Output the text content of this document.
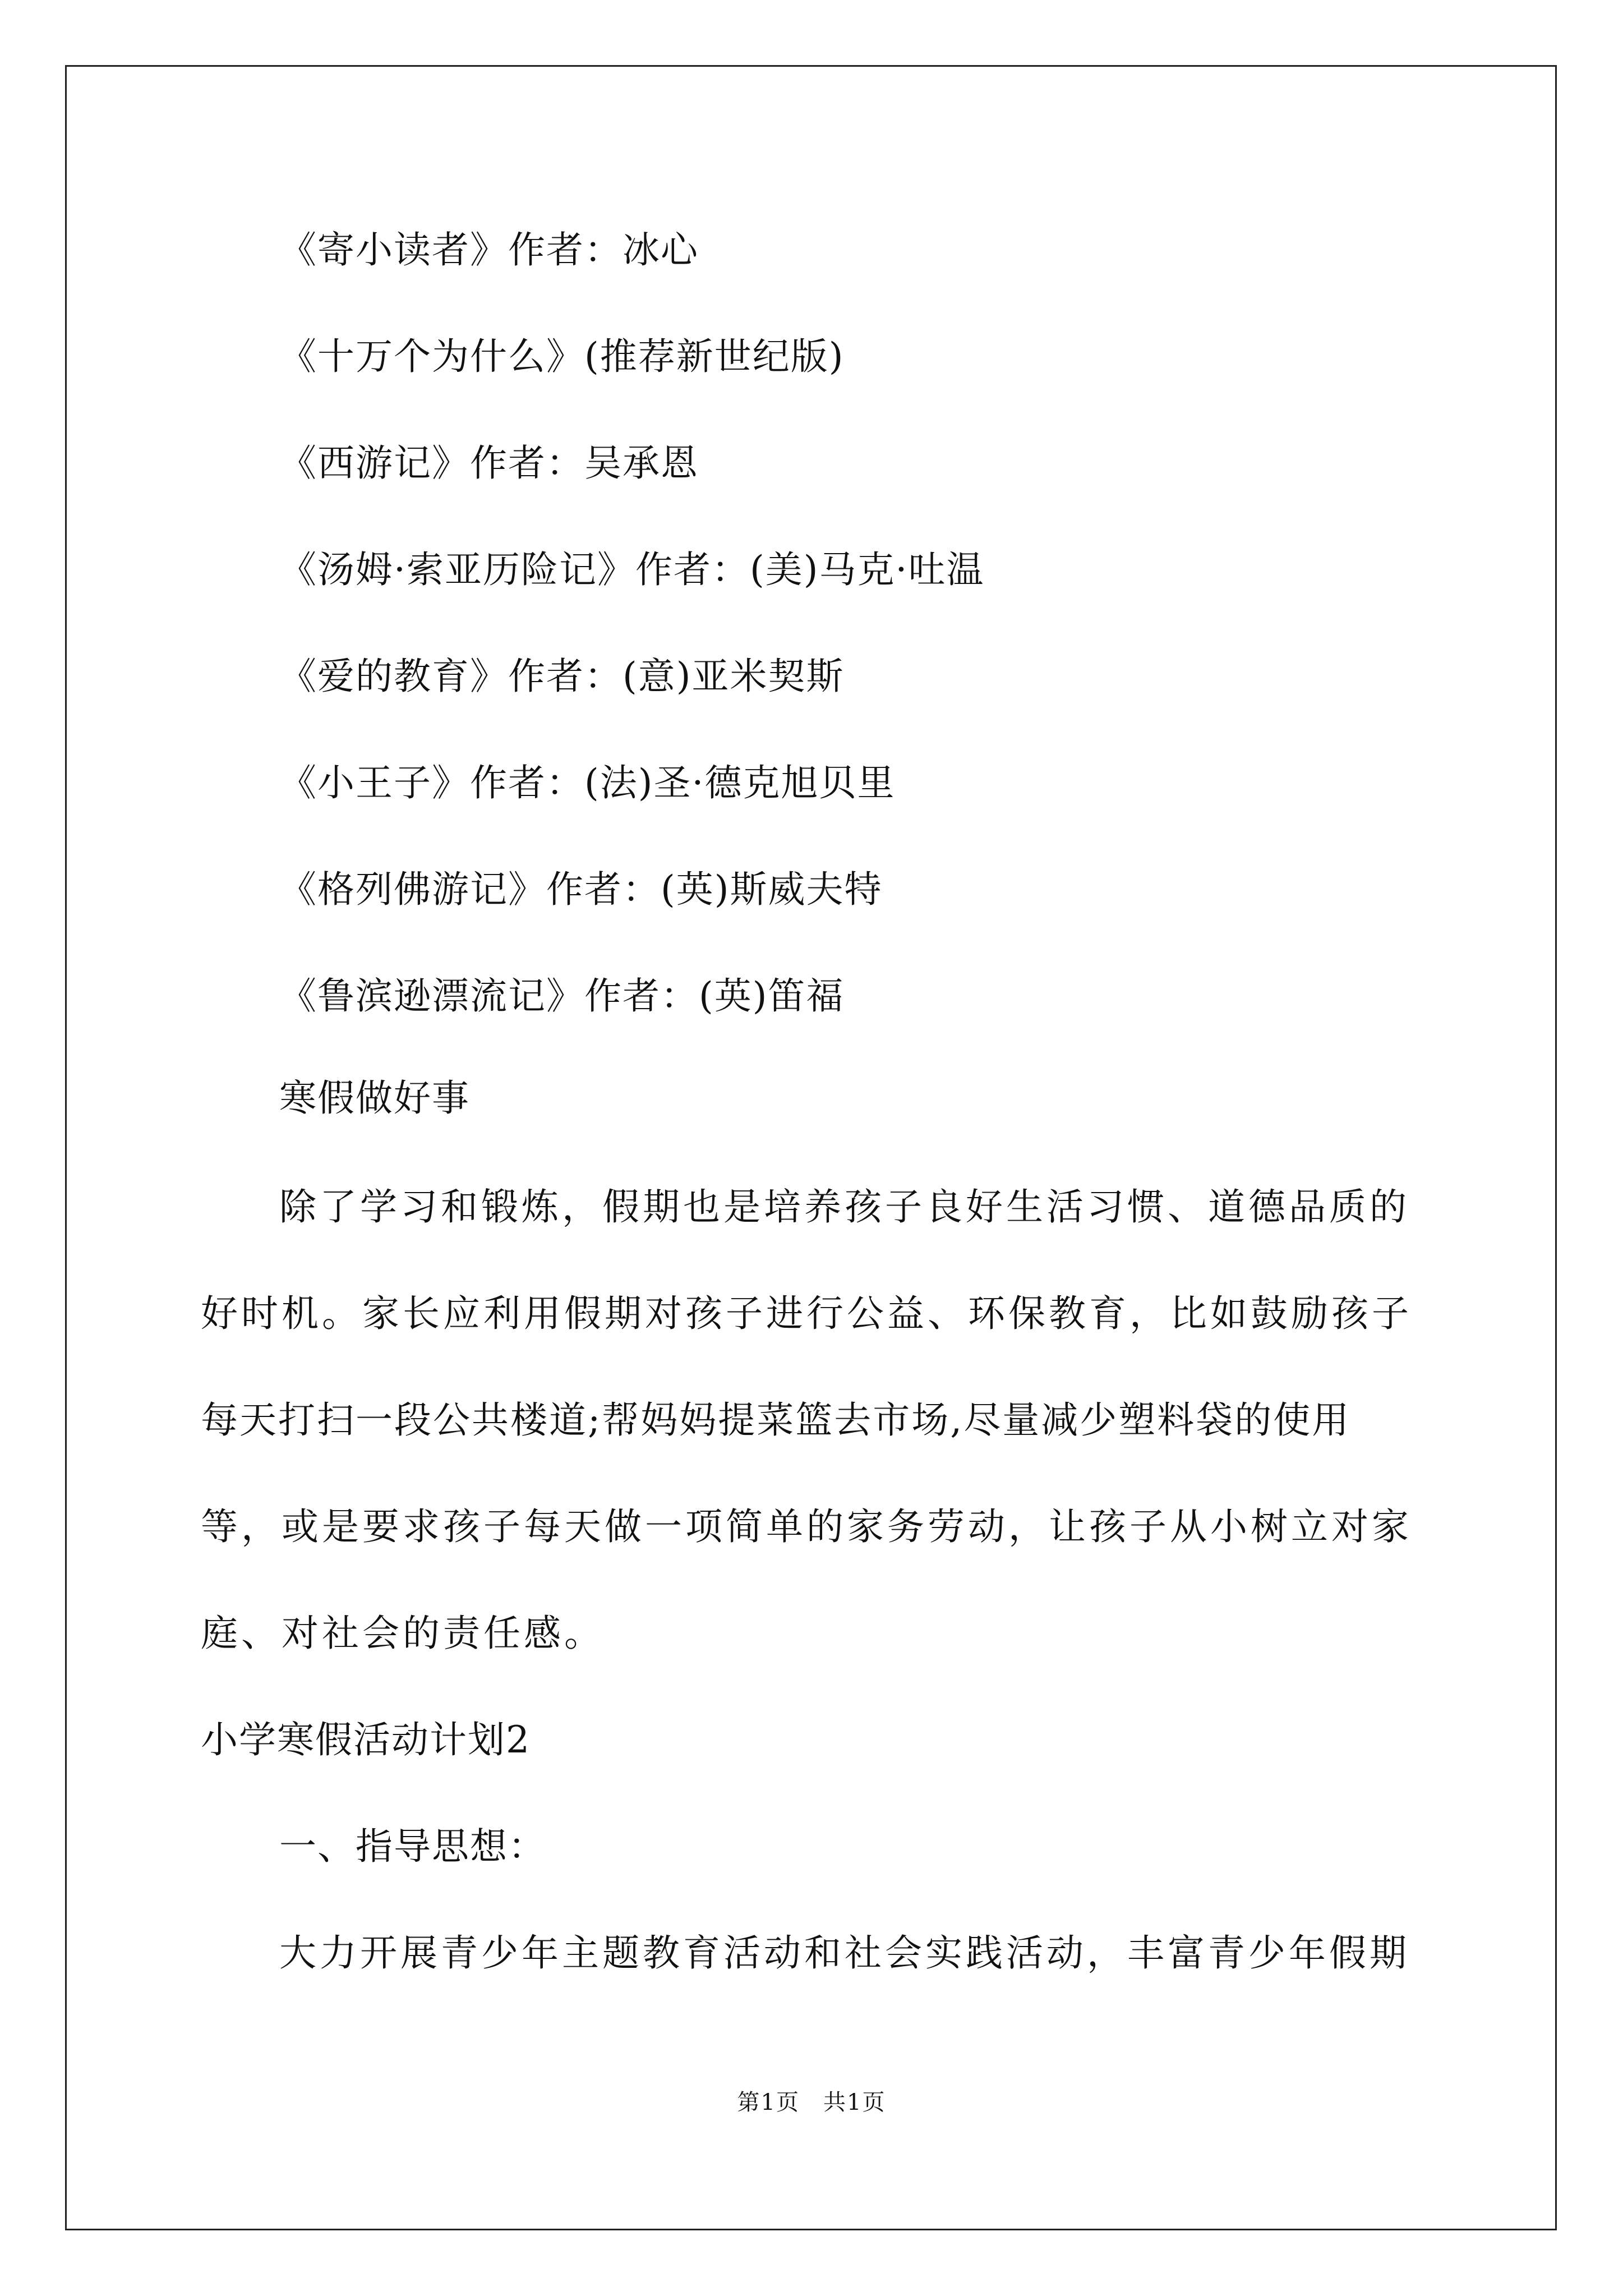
《寄小读者》作者：冰心
《十万个为什么》(推荐新世纪版)
《西游记》作者：吴承恩
《汤姆·索亚历险记》作者：(美)马克·吐温
《爱的教育》作者：(意)亚米契斯
《小王子》作者：(法)圣·德克旭贝里
《格列佛游记》作者：(英)斯威夫特
《鲁滨逊漂流记》作者：(英)笛福
寒假做好事
除了学习和锻炼，假期也是培养孩子良好生活习惯、道德品质的
好时机。家长应利用假期对孩子进行公益、环保教育，比如鼓励孩子
每天打扫一段公共楼道;帮妈妈提菜篮去市场,尽量减少塑料袋的使用
等，或是要求孩子每天做一项简单的家务劳动，让孩子从小树立对家
庭、对社会的责任感。
小学寒假活动计划2
一、指导思想：
大力开展青少年主题教育活动和社会实践活动，丰富青少年假期
第1页　共1页
